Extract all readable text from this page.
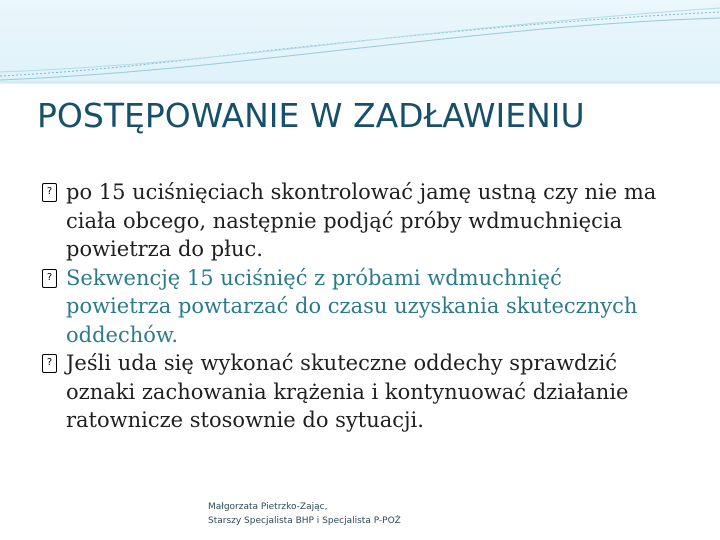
POSTĘPOWANIE W ZADŁAWIENIU
? po 15 uciśnięciach skontrolować jamę ustną czy nie ma ciała obcego, następnie podjąć próby wdmuchnięcia powietrza do płuc.
? Sekwencję 15 uciśnięć z próbami wdmuchnięć powietrza powtarzać do czasu uzyskania skutecznych oddechów.
? Jeśli uda się wykonać skuteczne oddechy sprawdzić oznaki zachowania krążenia i kontynuować działanie ratownicze stosownie do sytuacji.
Małgorzata Pietrzko-Zając,
Starszy Specjalista BHP i Specjalista P-POŻ
